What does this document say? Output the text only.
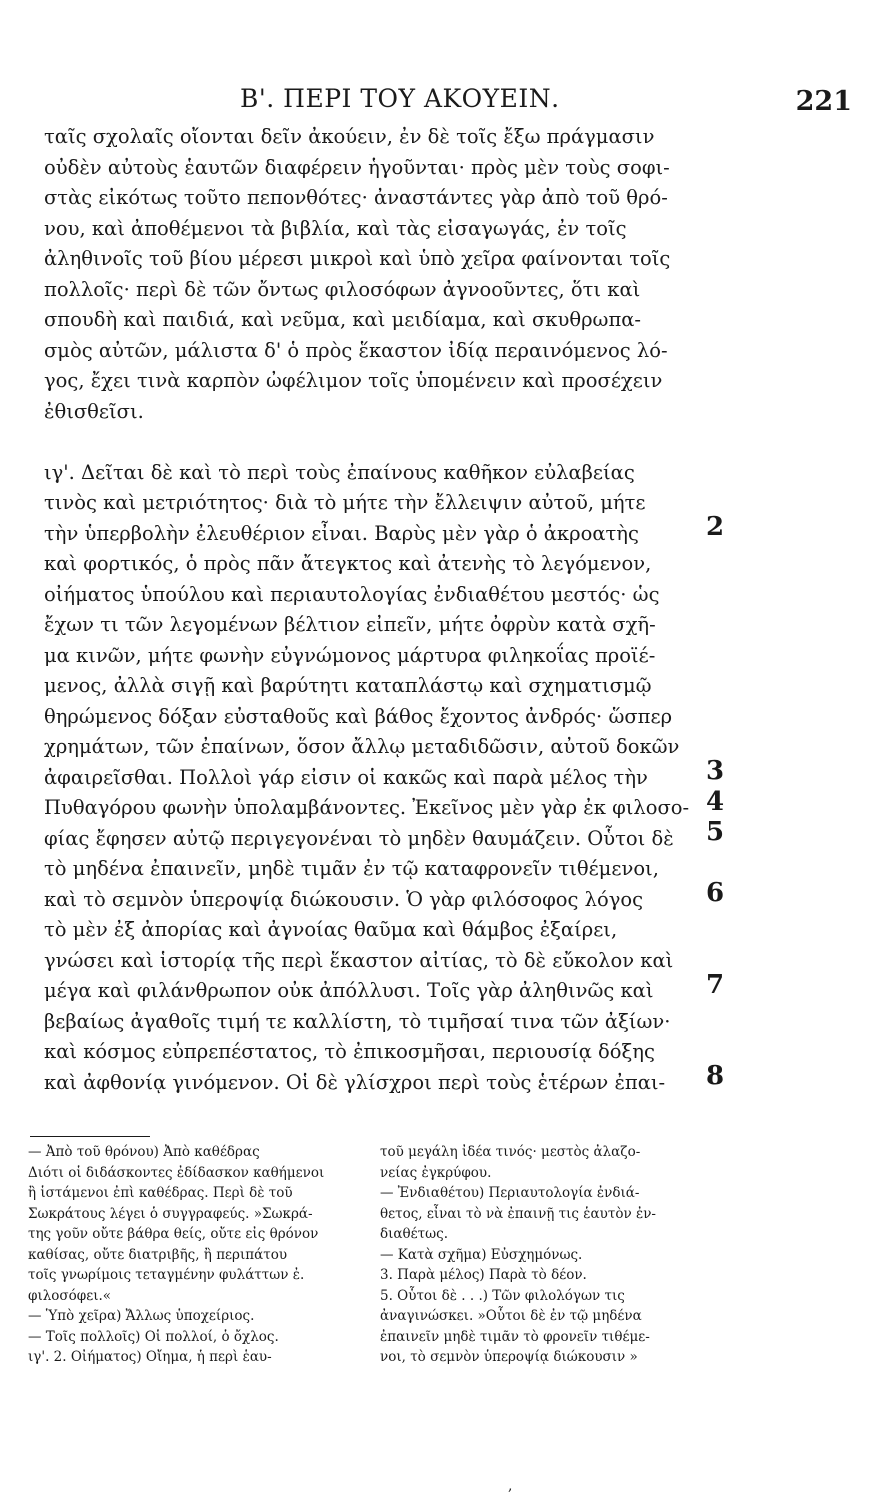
Β'. ΠΕΡΙ ΤΟΥ ΑΚΟΥΕΙΝ.	221
ταῖς σχολαῖς οἴονται δεῖν ἀκούειν, ἐν δὲ τοῖς ἔξω πράγμασιν
οὐδὲν αὐτοὺς ἑαυτῶν διαφέρειν ἡγοῦνται· πρὸς μὲν τοὺς σοφι-
στὰς εἰκότως τοῦτο πεπονθότες· ἀναστάντες γὰρ ἀπὸ τοῦ θρό-
νου, καὶ ἀποθέμενοι τὰ βιβλία, καὶ τὰς εἰσαγωγάς, ἐν τοῖς
ἀληθινοῖς τοῦ βίου μέρεσι μικροὶ καὶ ὑπὸ χεῖρα φαίνονται τοῖς
πολλοῖς· περὶ δὲ τῶν ὄντως φιλοσόφων ἀγνοοῦντες, ὅτι καὶ
σπουδὴ καὶ παιδιά, καὶ νεῦμα, καὶ μειδίαμα, καὶ σκυθρωπα-
σμὸς αὐτῶν, μάλιστα δ' ὁ πρὸς ἕκαστον ἰδίᾳ περαινόμενος λό-
γος, ἔχει τινὰ καρπὸν ὠφέλιμον τοῖς ὑπομένειν καὶ προσέχειν
ἐθισθεῖσι.
ιγ'. Δεῖται δὲ καὶ τὸ περὶ τοὺς ἐπαίνους καθῆκον εὐλαβείας
τινὸς καὶ μετριότητος· διὰ τὸ μήτε τὴν ἔλλειψιν αὐτοῦ, μήτε
τὴν ὑπερβολὴν ἐλευθέριον εἶναι. Βαρὺς μὲν γὰρ ὁ ἀκροατὴς
καὶ φορτικός, ὁ πρὸς πᾶν ἄτεγκτος καὶ ἀτενὴς τὸ λεγόμενον,
οἰήματος ὑπούλου καὶ περιαυτολογίας ἐνδιαθέτου μεστός· ὡς
ἔχων τι τῶν λεγομένων βέλτιον εἰπεῖν, μήτε ὀφρὺν κατὰ σχῆ-
μα κινῶν, μήτε φωνὴν εὐγνώμονος μάρτυρα φιληκοΐας προϊέ-
μενος, ἀλλὰ σιγῇ καὶ βαρύτητι καταπλάστῳ καὶ σχηματισμῷ
θηρώμενος δόξαν εὐσταθοῦς καὶ βάθος ἔχοντος ἀνδρός· ὥσπερ
χρημάτων, τῶν ἐπαίνων, ὅσον ἄλλῳ μεταδιδῶσιν, αὐτοῦ δοκῶν
ἀφαιρεῖσθαι. Πολλοὶ γάρ εἰσιν οἱ κακῶς καὶ παρὰ μέλος τὴν
Πυθαγόρου φωνὴν ὑπολαμβάνοντες. Ἐκεῖνος μὲν γὰρ ἐκ φιλοσο-
φίας ἔφησεν αὐτῷ περιγεγονέναι τὸ μηδὲν θαυμάζειν. Οὗτοι δὲ
τὸ μηδένα ἐπαινεῖν, μηδὲ τιμᾶν ἐν τῷ καταφρονεῖν τιθέμενοι,
καὶ τὸ σεμνὸν ὑπεροψίᾳ διώκουσιν. Ὁ γὰρ φιλόσοφος λόγος
τὸ μὲν ἐξ ἀπορίας καὶ ἀγνοίας θαῦμα καὶ θάμβος ἐξαίρει,
γνώσει καὶ ἱστορίᾳ τῆς περὶ ἕκαστον αἰτίας, τὸ δὲ εὔκολον καὶ
μέγα καὶ φιλάνθρωπον οὐκ ἀπόλλυσι. Τοῖς γὰρ ἀληθινῶς καὶ
βεβαίως ἀγαθοῖς τιμή τε καλλίστη, τὸ τιμῆσαί τινα τῶν ἀξίων·
καὶ κόσμος εὐπρεπέστατος, τὸ ἐπικοσμῆσαι, περιουσίᾳ δόξης
καὶ ἀφθονίᾳ γινόμενον. Οἱ δὲ γλίσχροι περὶ τοὺς ἑτέρων ἐπαι-
2
3
4
5
6
7
8
— Ἀπὸ τοῦ θρόνου) Ἀπὸ καθέδρας
Διότι οἱ διδάσκοντες ἐδίδασκον καθήμενοι
ἢ ἱστάμενοι ἐπὶ καθέδρας. Περὶ δὲ τοῦ
Σωκράτους λέγει ὁ συγγραφεύς. »Σωκρά-
της γοῦν οὔτε βάθρα θείς, οὔτε εἰς θρόνον
καθίσας, οὔτε διατριβῆς, ἢ περιπάτου
τοῖς γνωρίμοις τεταγμένην φυλάττων ἐ.
φιλοσόφει.«
— Ὑπὸ χεῖρα) Ἄλλως ὑποχείριος.
— Τοῖς πολλοῖς) Οἱ πολλοί, ὁ ὄχλος.
ιγ'. 2. Οἰήματος) Οἴημα, ἡ περὶ ἑαυ-
τοῦ μεγάλη ἰδέα τινός· μεστὸς ἀλαζο-
νείας ἐγκρύφου.
— Ἐνδιαθέτου) Περιαυτολογία ἐνδιά-
θετος, εἶναι τὸ νὰ ἐπαινῇ τις ἑαυτὸν ἐν-
διαθέτως.
— Κατὰ σχῆμα) Εὐσχημόνως.
3. Παρὰ μέλος) Παρὰ τὸ δέον.
5. Οὗτοι δὲ . . .) Τῶν φιλολόγων τις
ἀναγινώσκει. »Οὗτοι δὲ ἐν τῷ μηδένα
ἐπαινεῖν μηδὲ τιμᾶν τὸ φρονεῖν τιθέμε-
νοι, τὸ σεμνὸν ὑπεροψίᾳ διώκουσιν »
,
